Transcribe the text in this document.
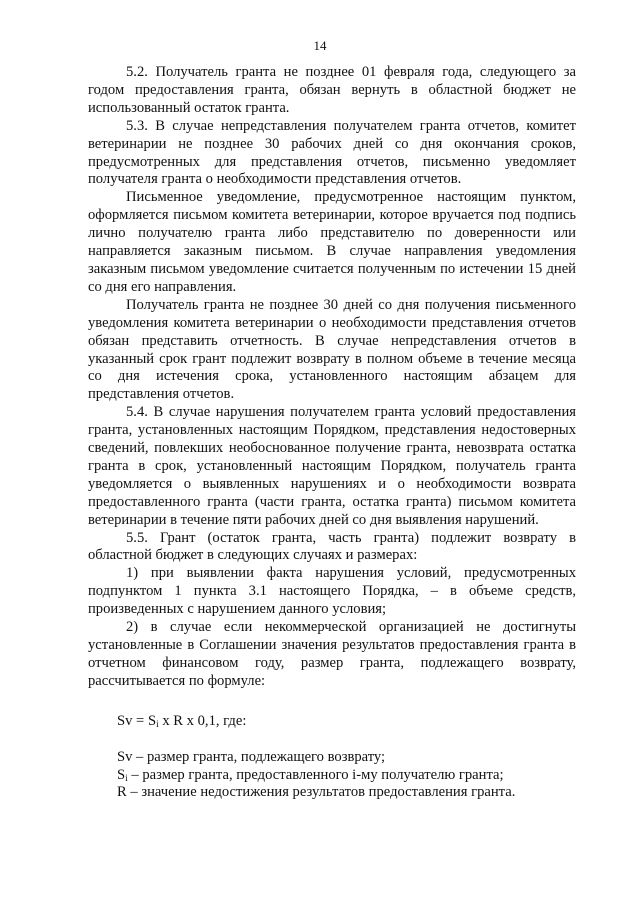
14

5.2. Получатель гранта не позднее 01 февраля года, следующего за годом предоставления гранта, обязан вернуть в областной бюджет не использованный остаток гранта.

5.3. В случае непредставления получателем гранта отчетов, комитет ветеринарии не позднее 30 рабочих дней со дня окончания сроков, предусмотренных для представления отчетов, письменно уведомляет получателя гранта о необходимости представления отчетов.

Письменное уведомление, предусмотренное настоящим пунктом, оформляется письмом комитета ветеринарии, которое вручается под подпись лично получателю гранта либо представителю по доверенности или направляется заказным письмом. В случае направления уведомления заказным письмом уведомление считается полученным по истечении 15 дней со дня его направления.

Получатель гранта не позднее 30 дней со дня получения письменного уведомления комитета ветеринарии о необходимости представления отчетов обязан представить отчетность. В случае непредставления отчетов в указанный срок грант подлежит возврату в полном объеме в течение месяца со дня истечения срока, установленного настоящим абзацем для представления отчетов.

5.4. В случае нарушения получателем гранта условий предоставления гранта, установленных настоящим Порядком, представления недостоверных сведений, повлекших необоснованное получение гранта, невозврата остатка гранта в срок, установленный настоящим Порядком, получатель гранта уведомляется о выявленных нарушениях и о необходимости возврата предоставленного гранта (части гранта, остатка гранта) письмом комитета ветеринарии в течение пяти рабочих дней со дня выявления нарушений.

5.5. Грант (остаток гранта, часть гранта) подлежит возврату в областной бюджет в следующих случаях и размерах:

1) при выявлении факта нарушения условий, предусмотренных подпунктом 1 пункта 3.1 настоящего Порядка, – в объеме средств, произведенных с нарушением данного условия;

2) в случае если некоммерческой организацией не достигнуты установленные в Соглашении значения результатов предоставления гранта в отчетном финансовом году, размер гранта, подлежащего возврату, рассчитывается по формуле:

$Sv = S_i$ x R x 0,1, где:

Sv – размер гранта, подлежащего возврату;

$S_i$ – размер гранта, предоставленного i-му получателю гранта;

R – значение недостижения результатов предоставления гранта.
